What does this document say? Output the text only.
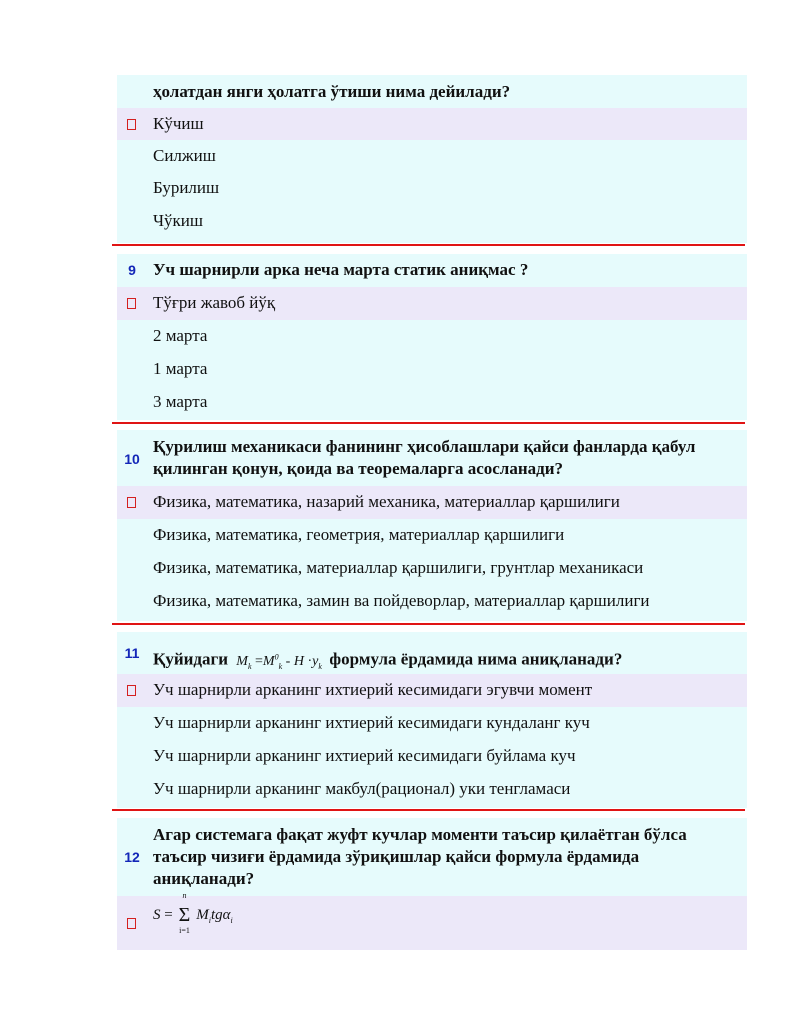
ҳолатдан янги ҳолатга ўтиши нима дейилади?
Кўчиш
Силжиш
Бурилиш
Чўкиш
9	Уч шарнирли арка неча марта статик аниқмас ?
Тўғри жавоб йўқ
2 марта
1 марта
3 марта
10
Қурилиш механикаси фанининг ҳисоблашлари қайси фанларда қабул қилинган қонун, қоида ва теоремаларга асосланади?
Физика, математика, назарий механика, материаллар қаршилиги
Физика, математика, геометрия, материаллар қаршилиги
Физика, математика, материаллар қаршилиги, грунтлар механикаси
Физика, математика, замин ва пойдеворлар, материаллар қаршилиги
11 Қуйидаги $M_k =M^0_k - H \cdot y_k$ формула ёрдамида нима аниқланади?
Уч шарнирли арканинг ихтиерий кесимидаги эгувчи момент
Уч шарнирли арканинг ихтиерий кесимидаги кундаланг куч
Уч шарнирли арканинг ихтиерий кесимидаги буйлама куч
Уч шарнирли арканинг макбул(рационал) уки тенгламаси
12
Агар системага фақат жуфт кучлар моменти таъсир қилаётган бўлса таъсир чизиғи ёрдамида зўриқишлар қайси формула ёрдамида аниқланади?
S =
n
Σ
i=1
$M_itg\alpha_i$
